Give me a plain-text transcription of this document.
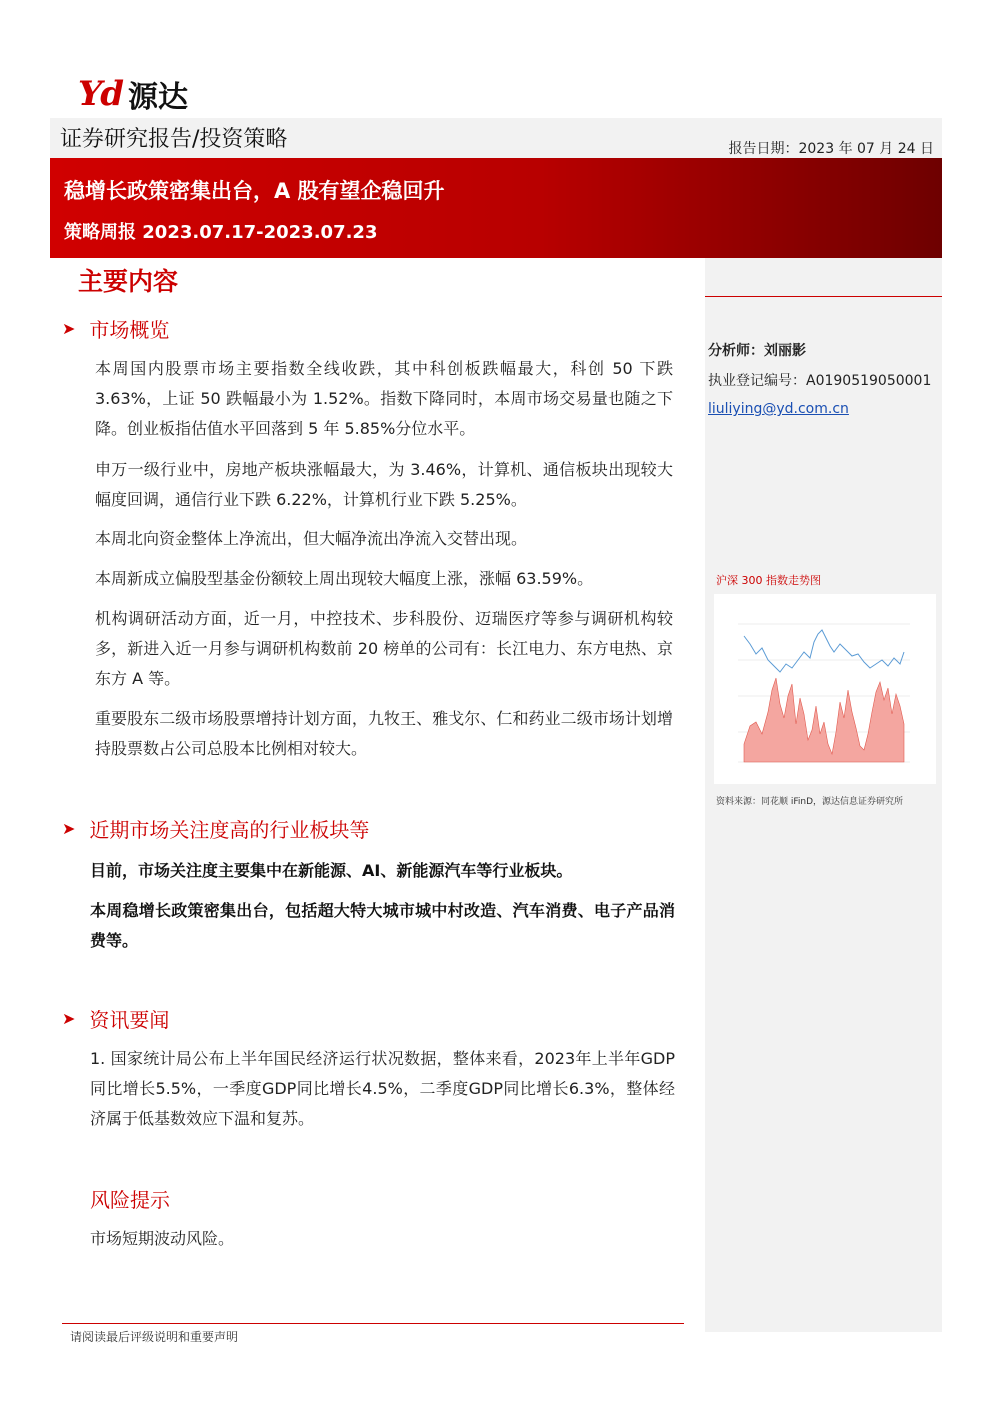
Yd 源达
证券研究报告/投资策略	报告日期：2023 年 07 月 24 日
稳增长政策密集出台，A 股有望企稳回升
策略周报 2023.07.17-2023.07.23
分析师：刘丽影
执业登记编号：A0190519050001
liuliying@yd.com.cn
沪深 300 指数走势图
资料来源：同花顺 iFinD，源达信息证券研究所
主要内容
➤ 市场概览
本周国内股票市场主要指数全线收跌，其中科创板跌幅最大，科创 50 下跌 3.63%，上证 50 跌幅最小为 1.52%。指数下降同时，本周市场交易量也随之下降。创业板指估值水平回落到 5 年 5.85%分位水平。
申万一级行业中，房地产板块涨幅最大，为 3.46%，计算机、通信板块出现较大幅度回调，通信行业下跌 6.22%，计算机行业下跌 5.25%。
本周北向资金整体上净流出，但大幅净流出净流入交替出现。
本周新成立偏股型基金份额较上周出现较大幅度上涨，涨幅 63.59%。
机构调研活动方面，近一月，中控技术、步科股份、迈瑞医疗等参与调研机构较多，新进入近一月参与调研机构数前 20 榜单的公司有：长江电力、东方电热、京东方 A 等。
重要股东二级市场股票增持计划方面，九牧王、雅戈尔、仁和药业二级市场计划增持股票数占公司总股本比例相对较大。
➤ 近期市场关注度高的行业板块等
目前，市场关注度主要集中在新能源、AI、新能源汽车等行业板块。
本周稳增长政策密集出台，包括超大特大城市城中村改造、汽车消费、电子产品消费等。
➤ 资讯要闻
1. 国家统计局公布上半年国民经济运行状况数据，整体来看，2023年上半年GDP同比增长5.5%，一季度GDP同比增长4.5%，二季度GDP同比增长6.3%，整体经济属于低基数效应下温和复苏。
风险提示
市场短期波动风险。
请阅读最后评级说明和重要声明
